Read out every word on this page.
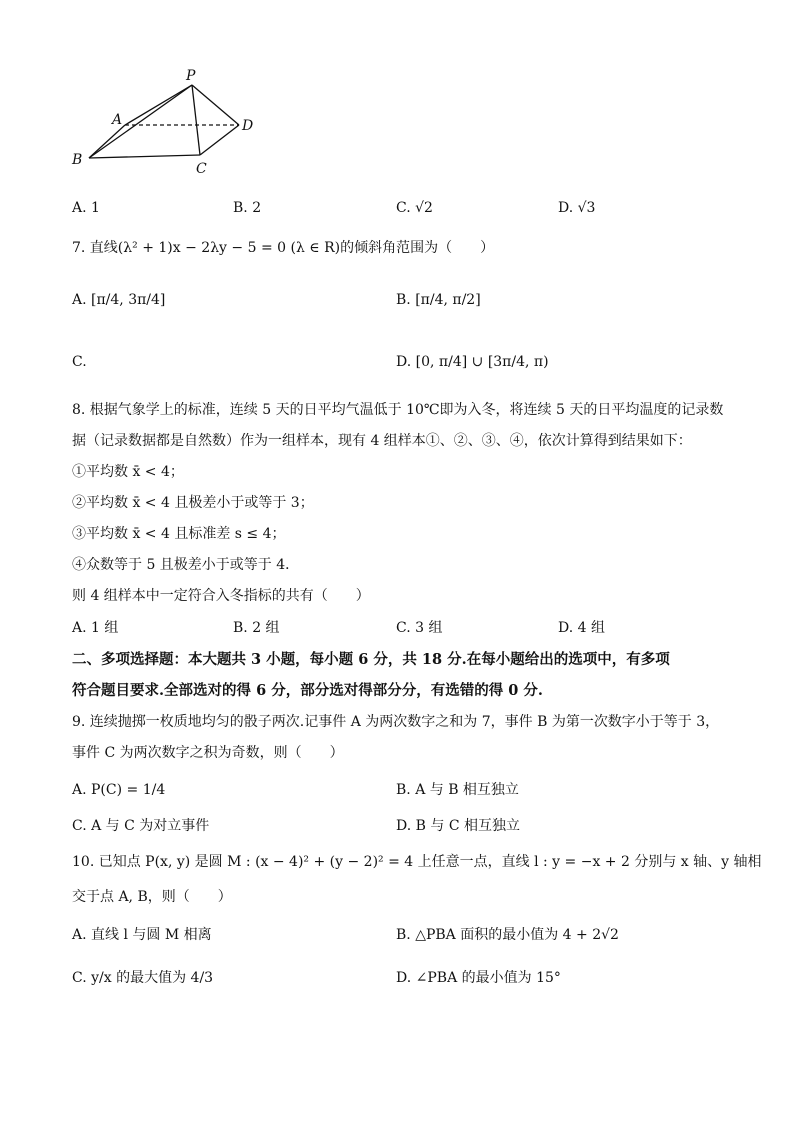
P
A	D
B
C
A. 1	B. 2	C. √2	D. √3
7. 直线(λ² + 1)x − 2λy − 5 = 0 (λ ∈ R)的倾斜角范围为（　　）
A. [π/4, 3π/4]	B. [π/4, π/2]
C.	D. [0, π/4] ∪ [3π/4, π)
8. 根据气象学上的标准，连续 5 天的日平均气温低于 10℃即为入冬，将连续 5 天的日平均温度的记录数
据（记录数据都是自然数）作为一组样本，现有 4 组样本①、②、③、④，依次计算得到结果如下：
①平均数 x̄ < 4；
②平均数 x̄ < 4 且极差小于或等于 3；
③平均数 x̄ < 4 且标准差 s ≤ 4；
④众数等于 5 且极差小于或等于 4．
则 4 组样本中一定符合入冬指标的共有（　　）
A. 1 组	B. 2 组	C. 3 组	D. 4 组
二、多项选择题：本大题共 3 小题，每小题 6 分，共 18 分.在每小题给出的选项中，有多项
符合题目要求.全部选对的得 6 分，部分选对得部分分，有选错的得 0 分.
9. 连续抛掷一枚质地均匀的骰子两次.记事件 A 为两次数字之和为 7，事件 B 为第一次数字小于等于 3，
事件 C 为两次数字之积为奇数，则（　　）
A. P(C) = 1/4	B. A 与 B 相互独立
C. A 与 C 为对立事件	D. B 与 C 相互独立
10. 已知点 P(x, y) 是圆 M : (x − 4)² + (y − 2)² = 4 上任意一点，直线 l : y = −x + 2 分别与 x 轴、y 轴相
交于点 A, B，则（　　）
A. 直线 l 与圆 M 相离	B. △PBA 面积的最小值为 4 + 2√2
C. y/x 的最大值为 4/3	D. ∠PBA 的最小值为 15°
